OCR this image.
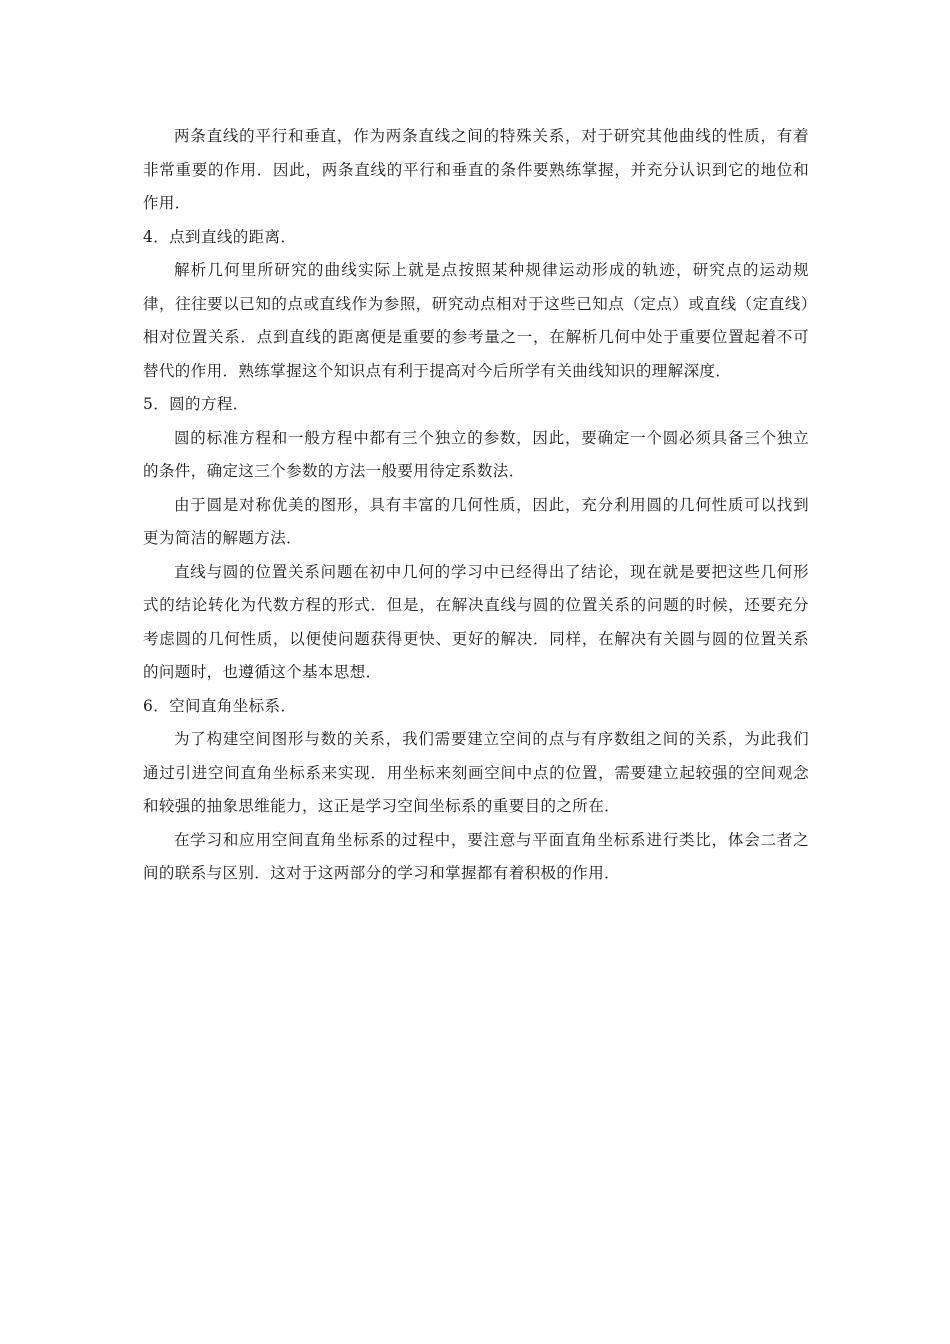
两条直线的平行和垂直，作为两条直线之间的特殊关系，对于研究其他曲线的性质，有着非常重要的作用．因此，两条直线的平行和垂直的条件要熟练掌握，并充分认识到它的地位和作用．

4．点到直线的距离．

解析几何里所研究的曲线实际上就是点按照某种规律运动形成的轨迹，研究点的运动规律，往往要以已知的点或直线作为参照，研究动点相对于这些已知点（定点）或直线（定直线）相对位置关系．点到直线的距离便是重要的参考量之一，在解析几何中处于重要位置起着不可替代的作用．熟练掌握这个知识点有利于提高对今后所学有关曲线知识的理解深度．

5．圆的方程．

圆的标准方程和一般方程中都有三个独立的参数，因此，要确定一个圆必须具备三个独立的条件，确定这三个参数的方法一般要用待定系数法．

由于圆是对称优美的图形，具有丰富的几何性质，因此，充分利用圆的几何性质可以找到更为简洁的解题方法．

直线与圆的位置关系问题在初中几何的学习中已经得出了结论，现在就是要把这些几何形式的结论转化为代数方程的形式．但是，在解决直线与圆的位置关系的问题的时候，还要充分考虑圆的几何性质，以便使问题获得更快、更好的解决．同样，在解决有关圆与圆的位置关系的问题时，也遵循这个基本思想．

6．空间直角坐标系．

为了构建空间图形与数的关系，我们需要建立空间的点与有序数组之间的关系，为此我们通过引进空间直角坐标系来实现．用坐标来刻画空间中点的位置，需要建立起较强的空间观念和较强的抽象思维能力，这正是学习空间坐标系的重要目的之所在．

在学习和应用空间直角坐标系的过程中，要注意与平面直角坐标系进行类比，体会二者之间的联系与区别．这对于这两部分的学习和掌握都有着积极的作用．
